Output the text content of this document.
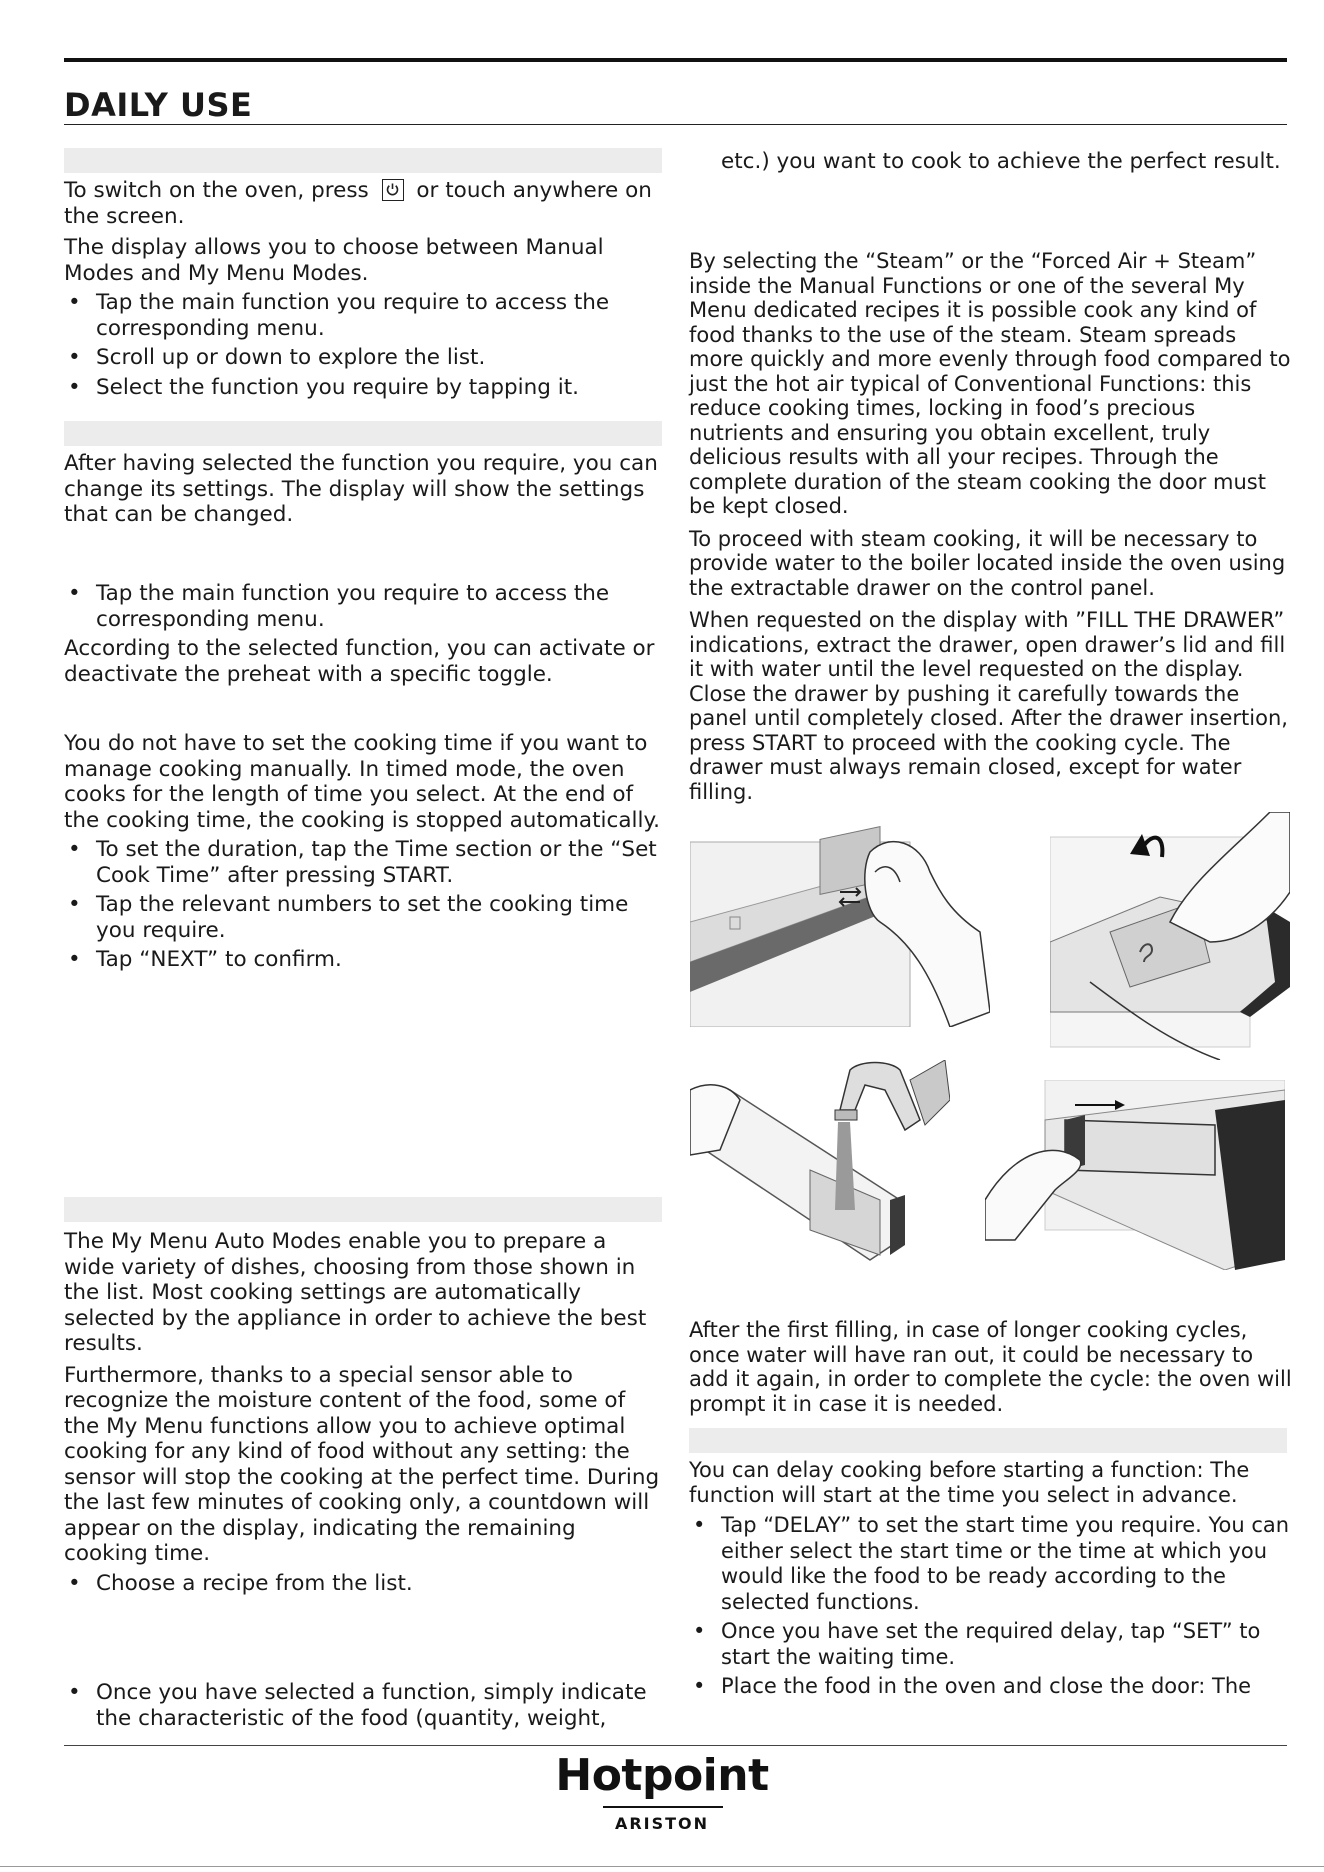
DAILY USE

To switch on the oven, press or touch anywhere on the screen.

The display allows you to choose between Manual Modes and My Menu Modes.

• Tap the main function you require to access the corresponding menu.
• Scroll up or down to explore the list.
• Select the function you require by tapping it.

After having selected the function you require, you can change its settings. The display will show the settings that can be changed.

• Tap the main function you require to access the corresponding menu.

According to the selected function, you can activate or deactivate the preheat with a specific toggle.

You do not have to set the cooking time if you want to manage cooking manually. In timed mode, the oven cooks for the length of time you select. At the end of the cooking time, the cooking is stopped automatically.

• To set the duration, tap the Time section or the “Set Cook Time” after pressing START.
• Tap the relevant numbers to set the cooking time you require.
• Tap “NEXT” to confirm.

The My Menu Auto Modes enable you to prepare a wide variety of dishes, choosing from those shown in the list. Most cooking settings are automatically selected by the appliance in order to achieve the best results.

Furthermore, thanks to a special sensor able to recognize the moisture content of the food, some of the My Menu functions allow you to achieve optimal cooking for any kind of food without any setting: the sensor will stop the cooking at the perfect time. During the last few minutes of cooking only, a countdown will appear on the display, indicating the remaining cooking time.

• Choose a recipe from the list.
• Once you have selected a function, simply indicate the characteristic of the food (quantity, weight,

etc.) you want to cook to achieve the perfect result.

By selecting the “Steam” or the “Forced Air + Steam” inside the Manual Functions or one of the several My Menu dedicated recipes it is possible cook any kind of food thanks to the use of the steam. Steam spreads more quickly and more evenly through food compared to just the hot air typical of Conventional Functions: this reduce cooking times, locking in food’s precious nutrients and ensuring you obtain excellent, truly delicious results with all your recipes. Through the complete duration of the steam cooking the door must be kept closed.

To proceed with steam cooking, it will be necessary to provide water to the boiler located inside the oven using the extractable drawer on the control panel.

When requested on the display with ”FILL THE DRAWER” indications, extract the drawer, open drawer’s lid and fill it with water until the level requested on the display. Close the drawer by pushing it carefully towards the panel until completely closed. After the drawer insertion, press START to proceed with the cooking cycle. The drawer must always remain closed, except for water filling.

After the first filling, in case of longer cooking cycles, once water will have ran out, it could be necessary to add it again, in order to complete the cycle: the oven will prompt it in case it is needed.

You can delay cooking before starting a function: The function will start at the time you select in advance.

• Tap “DELAY” to set the start time you require. You can either select the start time or the time at which you would like the food to be ready according to the selected functions.
• Once you have set the required delay, tap “SET” to start the waiting time.
• Place the food in the oven and close the door: The
Hotpoint
ARISTON
